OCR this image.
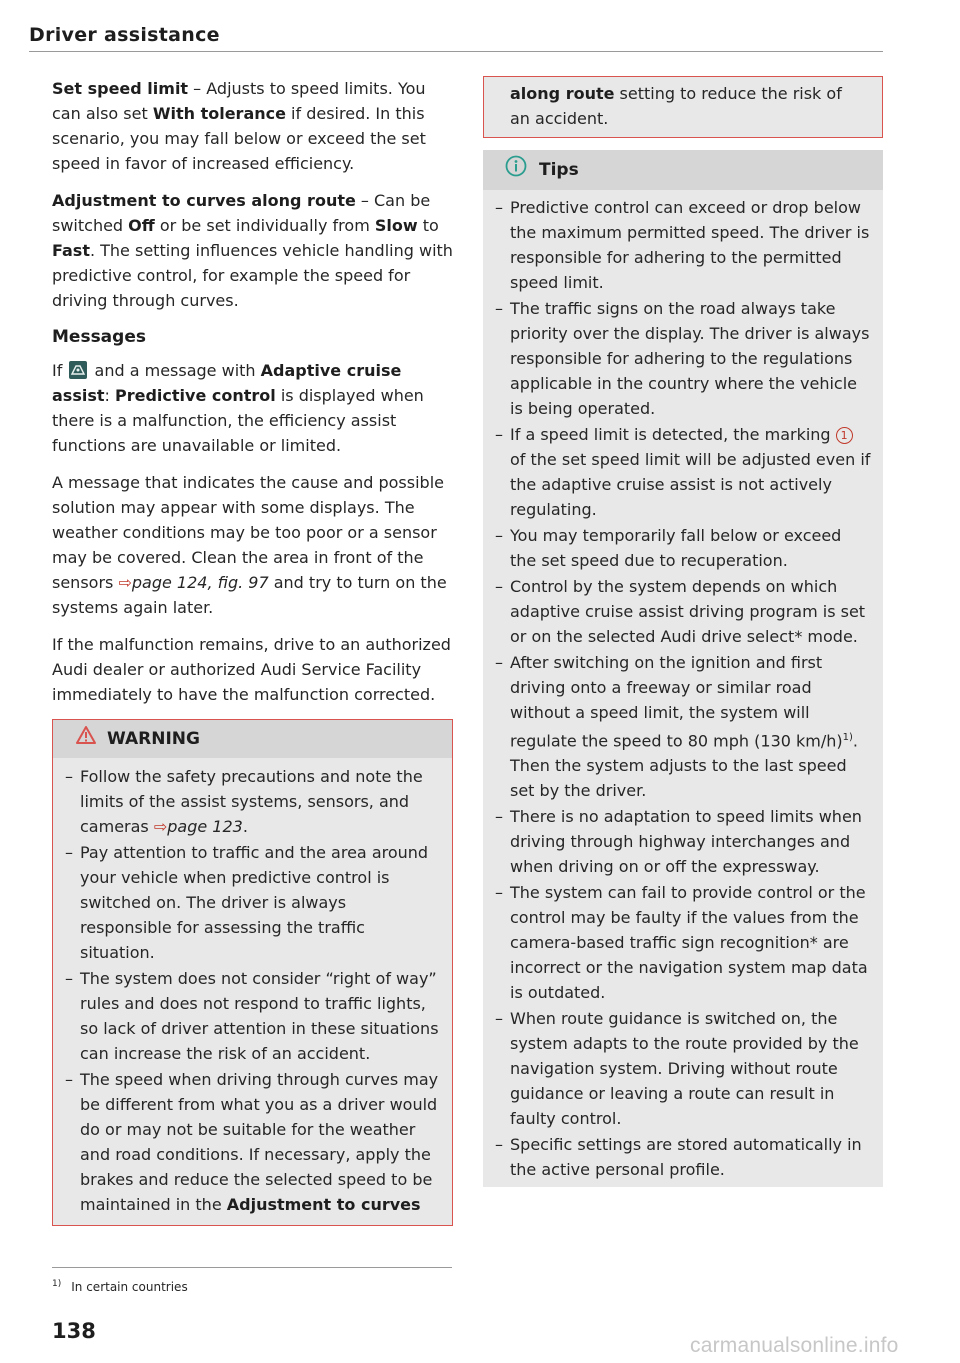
Driver assistance

Set speed limit – Adjusts to speed limits. You can also set With tolerance if desired. In this scenario, you may fall below or exceed the set speed in favor of increased efficiency.

Adjustment to curves along route – Can be switched Off or be set individually from Slow to Fast. The setting influences vehicle handling with predictive control, for example the speed for driving through curves.

Messages

If
and a message with Adaptive cruise assist: Predictive control is displayed when there is a malfunction, the efficiency assist functions are unavailable or limited.

A message that indicates the cause and possible solution may appear with some displays. The weather conditions may be too poor or a sensor may be covered. Clean the area in front of the sensors ⇨page 124, fig. 97 and try to turn on the systems again later.

If the malfunction remains, drive to an authorized Audi dealer or authorized Audi Service Facility immediately to have the malfunction corrected.

WARNING
– Follow the safety precautions and note the limits of the assist systems, sensors, and cameras ⇨page 123.
– Pay attention to traffic and the area around your vehicle when predictive control is switched on. The driver is always responsible for assessing the traffic situation.
– The system does not consider “right of way” rules and does not respond to traffic lights, so lack of driver attention in these situations can increase the risk of an accident.
– The speed when driving through curves may be different from what you as a driver would do or may not be suitable for the weather and road conditions. If necessary, apply the brakes and reduce the selected speed to be maintained in the Adjustment to curves
along route setting to reduce the risk of an accident.
Tips
– Predictive control can exceed or drop below the maximum permitted speed. The driver is responsible for adhering to the permitted speed limit.
– The traffic signs on the road always take priority over the display. The driver is always responsible for adhering to the regulations applicable in the country where the vehicle is being operated.
– If a speed limit is detected, the marking 1 of the set speed limit will be adjusted even if the adaptive cruise assist is not actively regulating.
– You may temporarily fall below or exceed the set speed due to recuperation.
– Control by the system depends on which adaptive cruise assist driving program is set or on the selected Audi drive select* mode.
– After switching on the ignition and first driving onto a freeway or similar road without a speed limit, the system will regulate the speed to 80 mph (130 km/h)$^{1)}$. Then the system adjusts to the last speed set by the driver.
– There is no adaptation to speed limits when driving through highway interchanges and when driving on or off the expressway.
– The system can fail to provide control or the control may be faulty if the values from the camera-based traffic sign recognition* are incorrect or the navigation system map data is outdated.
– When route guidance is switched on, the system adapts to the route provided by the navigation system. Driving without route guidance or leaving a route can result in faulty control.
– Specific settings are stored automatically in the active personal profile.
$^{1)}$ In certain countries
138
carmanualsonline.info
